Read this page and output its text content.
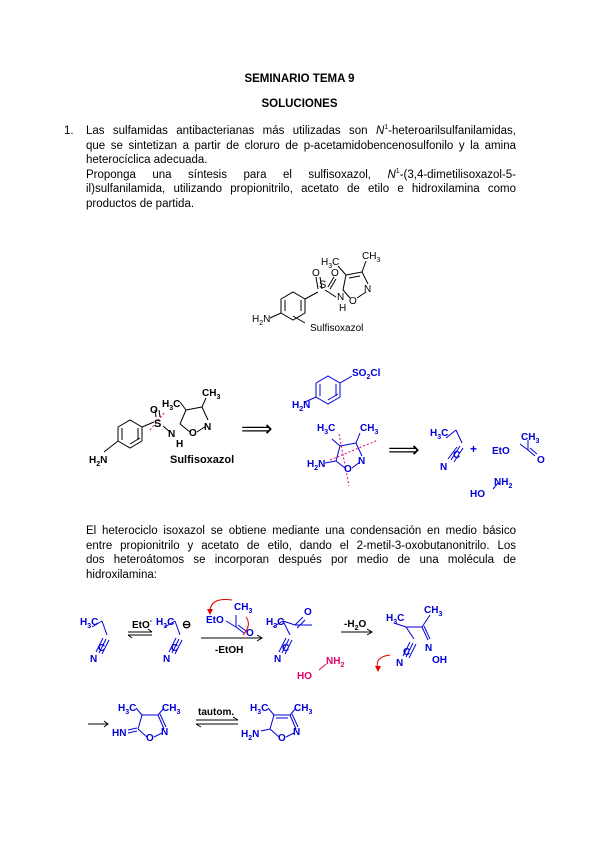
SEMINARIO TEMA 9
SOLUCIONES
1. Las sulfamidas antibacterianas más utilizadas son $N^1$-heteroarilsulfanilamidas,
que se sintetizan a partir de cloruro de p-acetamidobencenosulfonilo y la amina
heterocíclica adecuada.
Proponga una síntesis para el sulfisoxazol, $N^1-(3,4-dimetilisoxazol-5-$
il)sulfanilamida, utilizando propionitrilo, acetato de etilo e hidroxilamina como
productos de partida.
S
O O
N
H
O
N
$H_3C$
$CH_3$
$H_2N$
Sulfisoxazol
S
O
N
H
O
N
$H_3C$
$CH_3$
$H_2N$	Sulfisoxazol
⟹
$SO_2Cl$
$H_2N$
$H_3C$ $CH_3$
$H_2N$ O
N ⟹
$H_3C$
C
N
+ EtO
$CH_3$
O
$NH_2$
HO
El heterociclo isoxazol se obtiene mediante una condensación en medio básico
entre propionitrilo y acetato de etilo, dando el 2-metil-3-oxobutanonitrilo. Los
dos heteroátomos se incorporan después por medio de una molécula de
hidroxilamina:
$H_3C$
C
N
EtO- $H_3C$ ⊖
C
N
EtO
$CH_3$
O
-EtOH
$H_3C$
O
C
N
HO
$NH_2$
$-H_2O$
$H_3C$
$CH_3$
N
OH
C
N
$H_3C$	$CH_3$
HN O
N
tautom. $H_3C$	$CH_3$
$H_2N$ O
N
